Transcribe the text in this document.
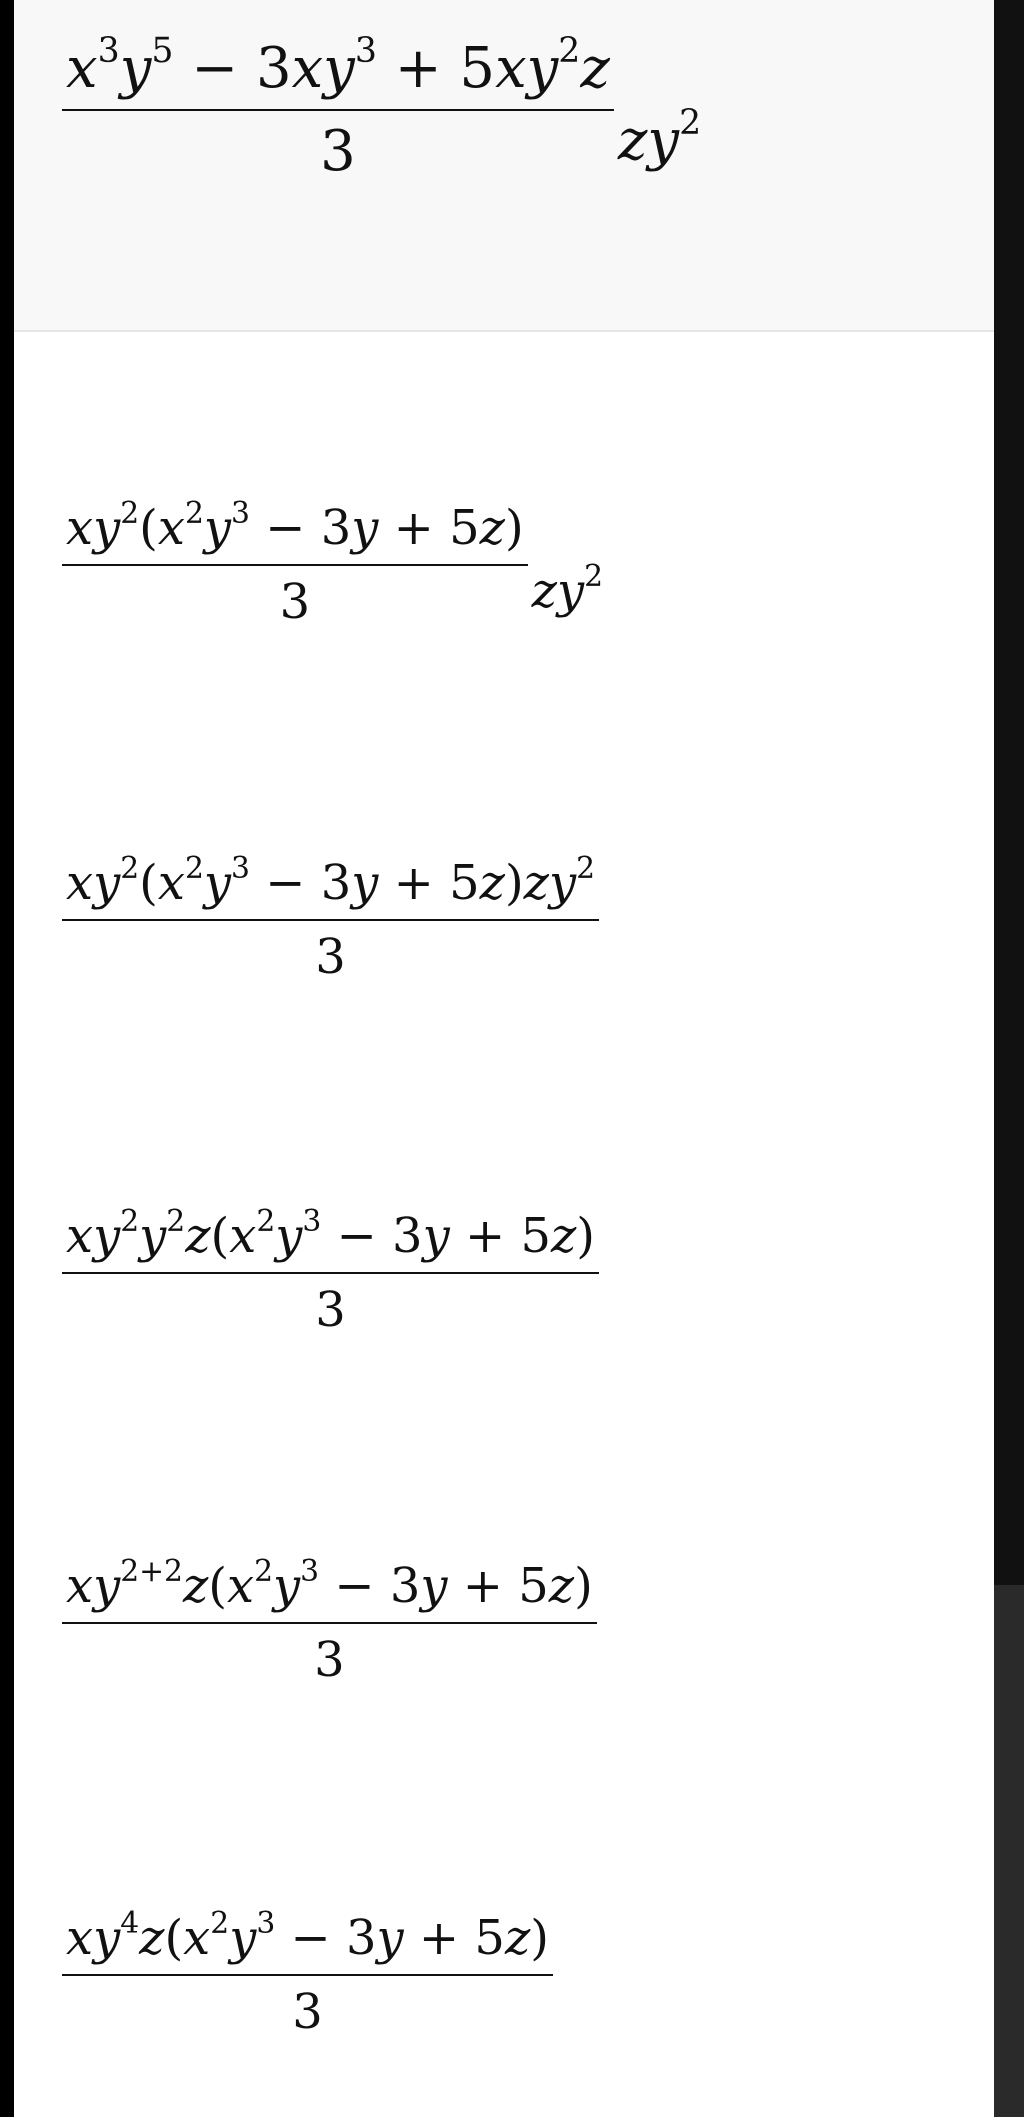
$\frac{x^3y^5 - 3xy^3 + 5xy^2z}{3} zy^2$
$\frac{xy^2(x^2y^3 - 3y + 5z)}{3} zy^2$
$\frac{xy^2(x^2y^3 - 3y + 5z)zy^2}{3}$
$\frac{xy^2y^2z(x^2y^3 - 3y + 5z)}{3}$
$\frac{xy^{2+2}z(x^2y^3 - 3y + 5z)}{3}$
$\frac{xy^4z(x^2y^3 - 3y + 5z)}{3}$
